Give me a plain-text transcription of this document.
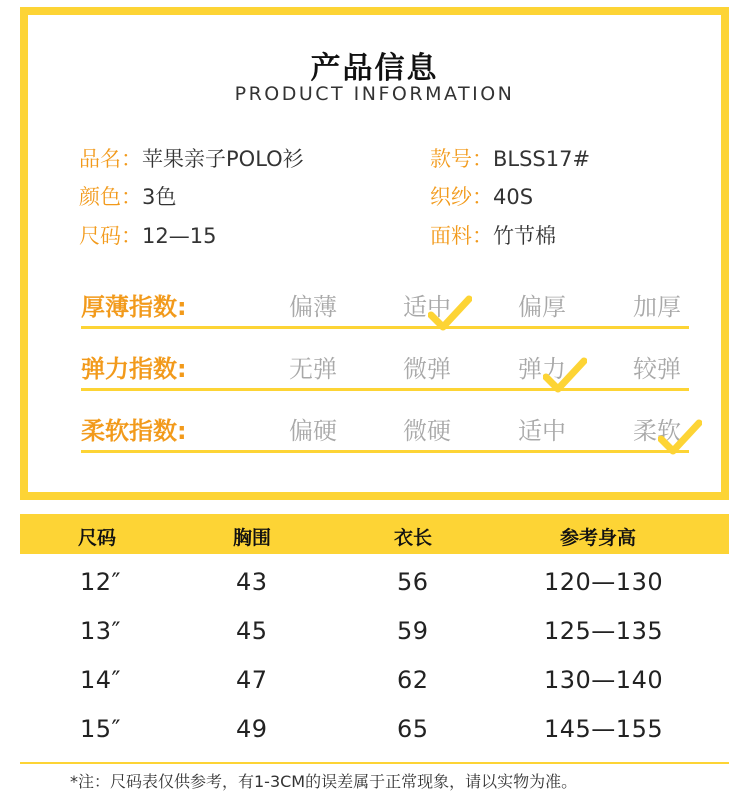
产品信息
PRODUCT INFORMATION
品名：苹果亲子POLO衫	款号：BLSS17#
颜色：3色	织纱：40S
尺码：12—15	面料：竹节棉
厚薄指数:	偏薄	适中	偏厚	加厚
弹力指数:	无弹	微弹	弹力	较弹
柔软指数:	偏硬	微硬	适中	柔软
尺码	胸围	衣长	参考身高
12″	43	56	120—130
13″	45	59	125—135
14″	47	62	130—140
15″	49	65	145—155
*注：尺码表仅供参考，有1-3CM的误差属于正常现象，请以实物为准。
